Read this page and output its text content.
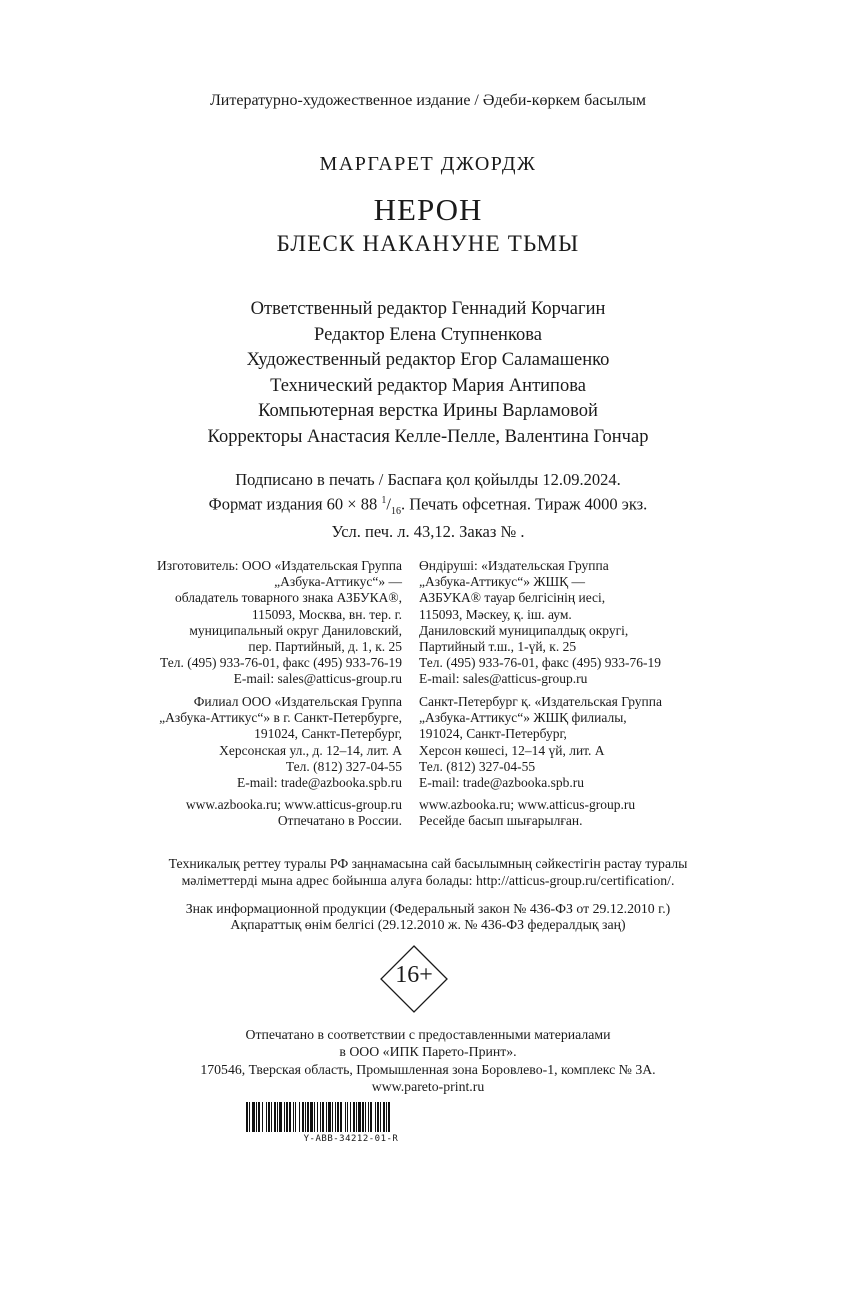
Литературно-художественное издание / Әдеби-көркем басылым
МАРГАРЕТ ДЖОРДЖ
НЕРОН
БЛЕСК НАКАНУНЕ ТЬМЫ
Ответственный редактор Геннадий Корчагин
Редактор Елена Ступненкова
Художественный редактор Егор Саламашенко
Технический редактор Мария Антипова
Компьютерная верстка Ирины Варламовой
Корректоры Анастасия Келле-Пелле, Валентина Гончар
Подписано в печать / Баспаға қол қойылды 12.09.2024.
Формат издания 60 × 88 $^1/_{16}$. Печать офсетная. Тираж 4000 экз.
Усл. печ. л. 43,12. Заказ № .
Изготовитель: ООО «Издательская Группа
„Азбука-Аттикус“» —
обладатель товарного знака АЗБУКА®,
115093, Москва, вн. тер. г.
муниципальный округ Даниловский,
пер. Партийный, д. 1, к. 25
Тел. (495) 933-76-01, факс (495) 933-76-19
E-mail: sales@atticus-group.ru
Өндіруші: «Издательская Группа
„Азбука-Аттикус“» ЖШҚ —
АЗБУКА® тауар белгісінің иесі,
115093, Мәскеу, қ. іш. аум.
Даниловский муниципалдық округі,
Партийный т.ш., 1-үй, к. 25
Тел. (495) 933-76-01, факс (495) 933-76-19
E-mail: sales@atticus-group.ru
Филиал ООО «Издательская Группа
„Азбука-Аттикус“» в г. Санкт-Петербурге,
191024, Санкт-Петербург,
Херсонская ул., д. 12–14, лит. А
Тел. (812) 327-04-55
E-mail: trade@azbooka.spb.ru
Санкт-Петербург қ. «Издательская Группа
„Азбука-Аттикус“» ЖШҚ филиалы,
191024, Санкт-Петербург,
Херсон көшесі, 12–14 үй, лит. А
Тел. (812) 327-04-55
E-mail: trade@azbooka.spb.ru
www.azbooka.ru; www.atticus-group.ru
Отпечатано в России.
www.azbooka.ru; www.atticus-group.ru
Ресейде басып шығарылған.
Техникалық реттеу туралы РФ заңнамасына сай басылымның сәйкестігін растау туралы
мәліметтерді мына адрес бойынша алуға болады: http://atticus-group.ru/certification/.
Знак информационной продукции (Федеральный закон № 436-ФЗ от 29.12.2010 г.)
Ақпараттық өнім белгісі (29.12.2010 ж. № 436-ФЗ федералдық заң)
16+
Отпечатано в соответствии с предоставленными материалами
в ООО «ИПК Парето-Принт».
170546, Тверская область, Промышленная зона Боровлево-1, комплекс № 3А.
www.pareto-print.ru
Y-ABB-34212-01-R
